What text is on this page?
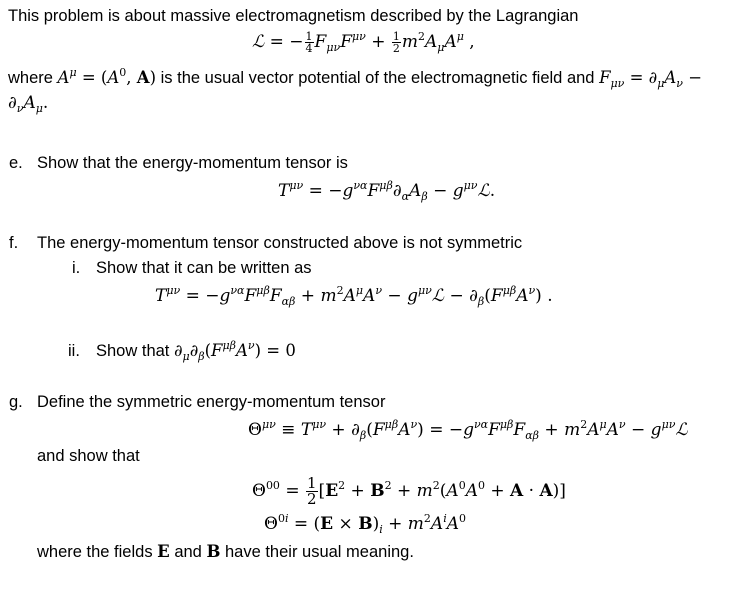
This problem is about massive electromagnetism described by the Lagrangian
ℒ = − $\frac{1}{4} F_{\mu\nu}F^{\mu\nu} + \frac{1}{2} m^2A_\mu A^\mu$ ,
where $A^\mu = (A^0$, A) is the usual vector potential of the electromagnetic field and $F_{\mu\nu} = \partial_\mu A_\nu$ −
$\partial_\nu A_\mu$.
e. Show that the energy-momentum tensor is
$T^{\mu\nu} = -g^{\nu\alpha}F^{\mu\beta}\partial_\alpha A_\beta$ − $g^{\mu\nu}ℒ$.
f. The energy-momentum tensor constructed above is not symmetric
i. Show that it can be written as
$T^{\mu\nu} = -g^{\nu\alpha}F^{\mu\beta}F_{\alpha\beta} + m^2A^\mu A^\nu$ − $g^{\mu\nu}ℒ - \partial_\beta(F^{\mu\beta}A^\nu)$ .
ii. Show that $\partial_\mu\partial_\beta(F^{\mu\beta}A^\nu) = 0$
g. Define the symmetric energy-momentum tensor
$\Theta^{\mu\nu} \equiv T^{\mu\nu} + \partial_\beta(F^{\mu\beta}A^\nu) = -g^{\nu\alpha}F^{\mu\beta}F_{\alpha\beta} + m^2A^\mu A^\nu$ − $g^{\mu\nu}ℒ$
and show that
$\Theta^{00} = \frac{1}{2} [E^2 + B^2 + m^2(A^0A^0 + A \cdot A)]$
$\Theta^{0i} = (E \times B)_i + m^2A^iA^0$
where the fields E and B have their usual meaning.
